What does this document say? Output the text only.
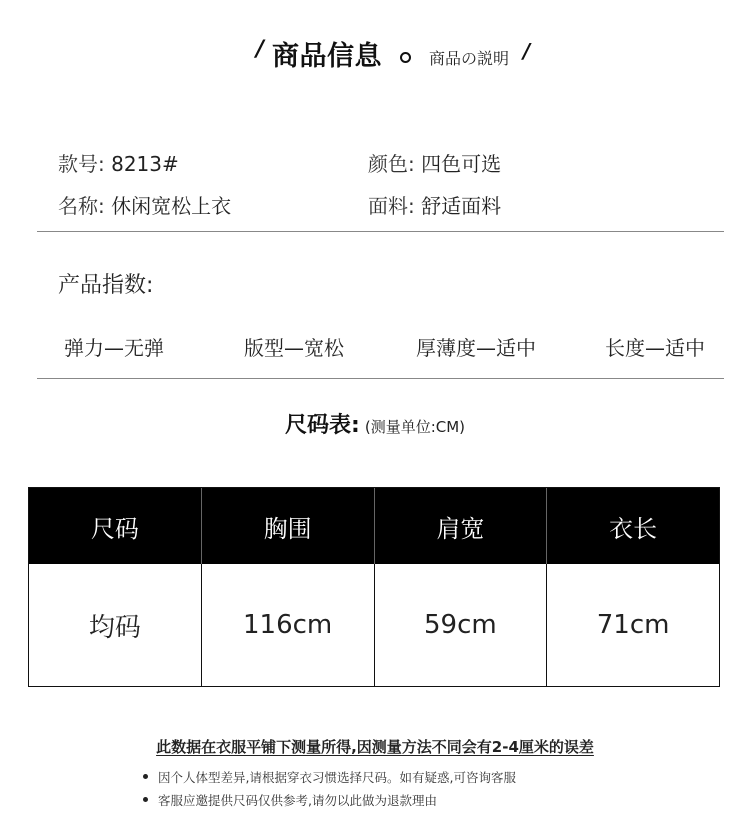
/ 商品信息	商品の説明 /
款号: 8213#	颜色: 四色可选
名称: 休闲宽松上衣	面料: 舒适面料
产品指数:
弹力—无弹	版型—宽松	厚薄度—适中	长度—适中
尺码表: (测量单位:CM)
尺码	胸围	肩宽	衣长
均码	116cm	59cm	71cm
此数据在衣服平铺下测量所得,因测量方法不同会有2-4厘米的误差
因个人体型差异,请根据穿衣习惯选择尺码。如有疑惑,可咨询客服
客服应邀提供尺码仅供参考,请勿以此做为退款理由
